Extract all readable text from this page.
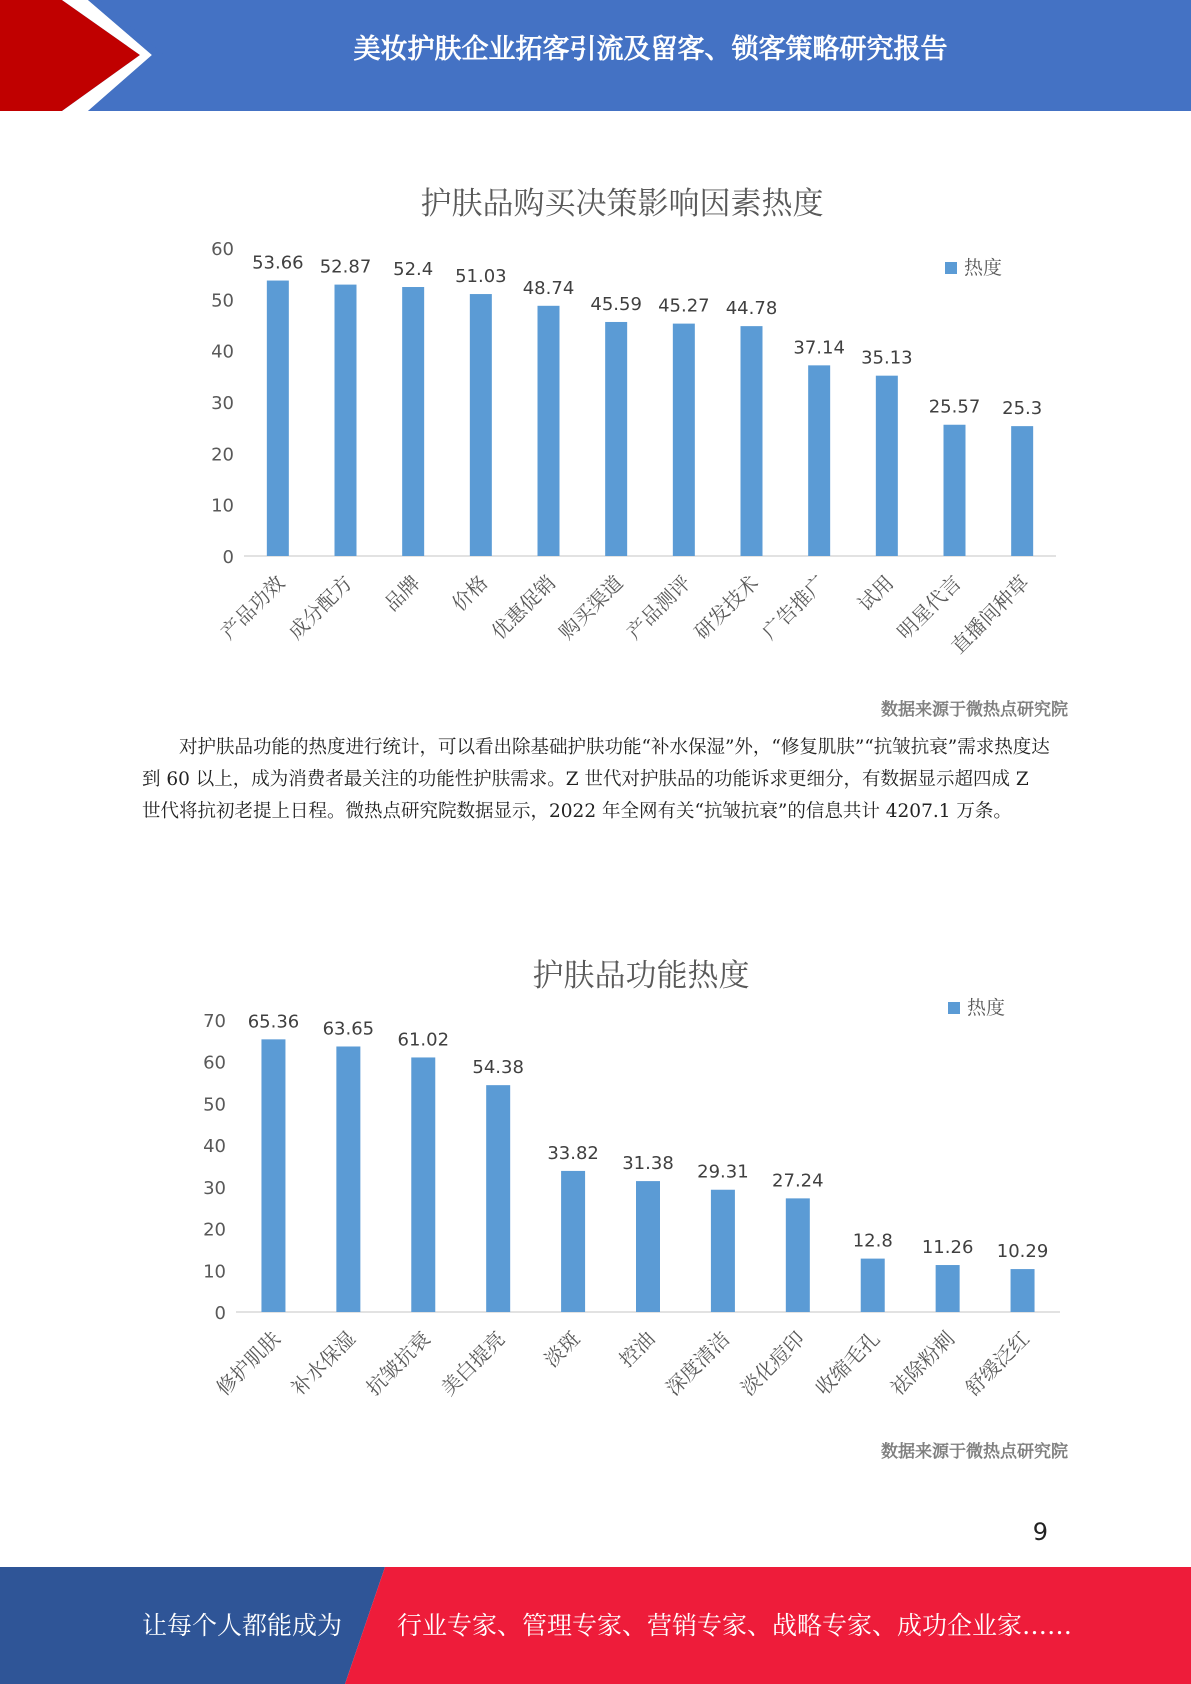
美妆护肤企业拓客引流及留客、锁客策略研究报告
护肤品购买决策影响因素热度
热度
0
10
20
30
40
50
60
53.66
产品功效
52.87
成分配方
52.4
品牌
51.03
价格
48.74
优惠促销
45.59
购买渠道
45.27
产品测评
44.78
研发技术
37.14
广告推广
35.13
试用
25.57
明星代言
25.3
直播间种草
数据来源于微热点研究院

对护肤品功能的热度进行统计，可以看出除基础护肤功能“补水保湿”外，“修复肌肤”“抗皱抗衰”需求热度达到 60 以上，成为消费者最关注的功能性护肤需求。Z 世代对护肤品的功能诉求更细分，有数据显示超四成 Z 世代将抗初老提上日程。微热点研究院数据显示，2022 年全网有关“抗皱抗衰”的信息共计 4207.1 万条。

护肤品功能热度
热度
0
10
20
30
40
50
60
70 65.36
修护肌肤
63.65
补水保湿
61.02
抗皱抗衰
54.38
美白提亮
33.82
淡斑
31.38
控油
29.31
深度清洁
27.24
淡化痘印
12.8
收缩毛孔
11.26
祛除粉刺
10.29
舒缓泛红
数据来源于微热点研究院
9
让每个人都能成为 行业专家、管理专家、营销专家、战略专家、成功企业家……
